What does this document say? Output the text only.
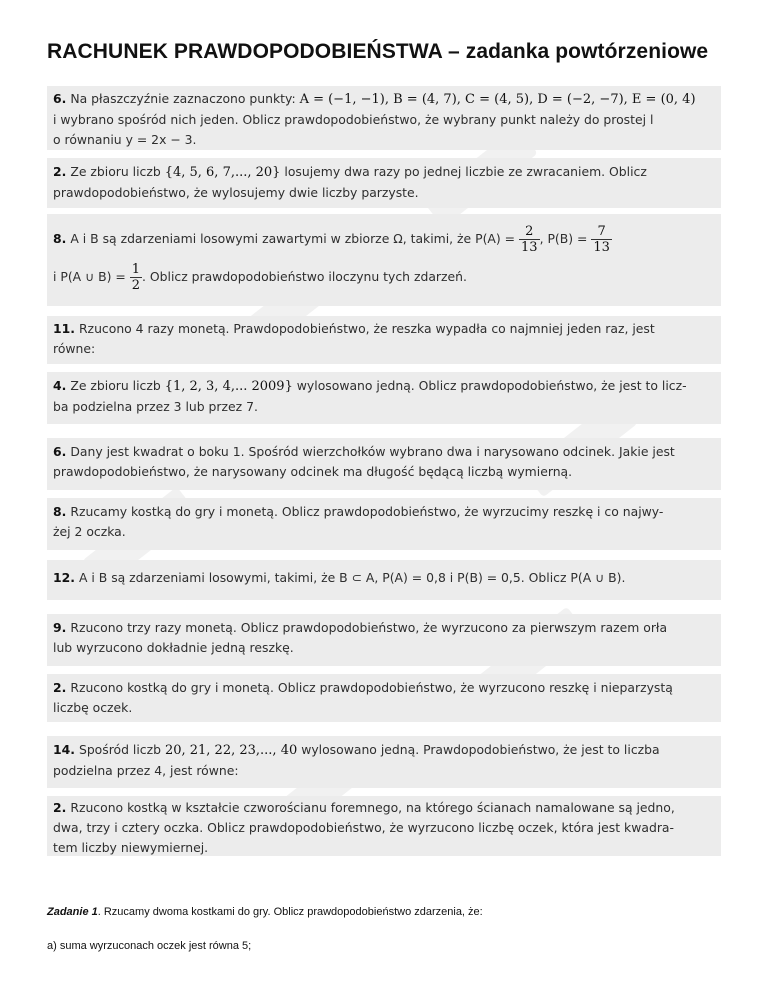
RACHUNEK PRAWDOPODOBIEŃSTWA – zadanka powtórzeniowe

6. Na płaszczyźnie zaznaczono punkty: A = (−1, −1), B = (4, 7), C = (4, 5), D = (−2, −7), E = (0, 4)

i wybrano spośród nich jeden. Oblicz prawdopodobieństwo, że wybrany punkt należy do prostej l

o równaniu y = 2x − 3.

2. Ze zbioru liczb {4, 5, 6, 7,..., 20} losujemy dwa razy po jednej liczbie ze zwracaniem. Oblicz

prawdopodobieństwo, że wylosujemy dwie liczby parzyste.

8. A i B są zdarzeniami losowymi zawartymi w zbiorze Ω, takimi, że $P(A) = \frac{2}{13}$ , $P(B) = \frac{7}{13}$

i P(A ∪ $B) = \frac{1}{2}$ . Oblicz prawdopodobieństwo iloczynu tych zdarzeń.

11. Rzucono 4 razy monetą. Prawdopodobieństwo, że reszka wypadła co najmniej jeden raz, jest

równe:

4. Ze zbioru liczb {1, 2, 3, 4,... 2009} wylosowano jedną. Oblicz prawdopodobieństwo, że jest to licz-

ba podzielna przez 3 lub przez 7.

6. Dany jest kwadrat o boku 1. Spośród wierzchołków wybrano dwa i narysowano odcinek. Jakie jest

prawdopodobieństwo, że narysowany odcinek ma długość będącą liczbą wymierną.

8. Rzucamy kostką do gry i monetą. Oblicz prawdopodobieństwo, że wyrzucimy reszkę i co najwy-

żej 2 oczka.

12. A i B są zdarzeniami losowymi, takimi, że B ⊂ A, P(A) = 0,8 i P(B) = 0,5. Oblicz P(A ∪ B).

9. Rzucono trzy razy monetą. Oblicz prawdopodobieństwo, że wyrzucono za pierwszym razem orła

lub wyrzucono dokładnie jedną reszkę.

2. Rzucono kostką do gry i monetą. Oblicz prawdopodobieństwo, że wyrzucono reszkę i nieparzystą

liczbę oczek.

14. Spośród liczb 20, 21, 22, 23,..., 40 wylosowano jedną. Prawdopodobieństwo, że jest to liczba

podzielna przez 4, jest równe:

2. Rzucono kostką w kształcie czworościanu foremnego, na którego ścianach namalowane są jedno,

dwa, trzy i cztery oczka. Oblicz prawdopodobieństwo, że wyrzucono liczbę oczek, która jest kwadra-

tem liczby niewymiernej.

Zadanie 1. Rzucamy dwoma kostkami do gry. Oblicz prawdopodobieństwo zdarzenia, że:

a) suma wyrzuconach oczek jest równa 5;
